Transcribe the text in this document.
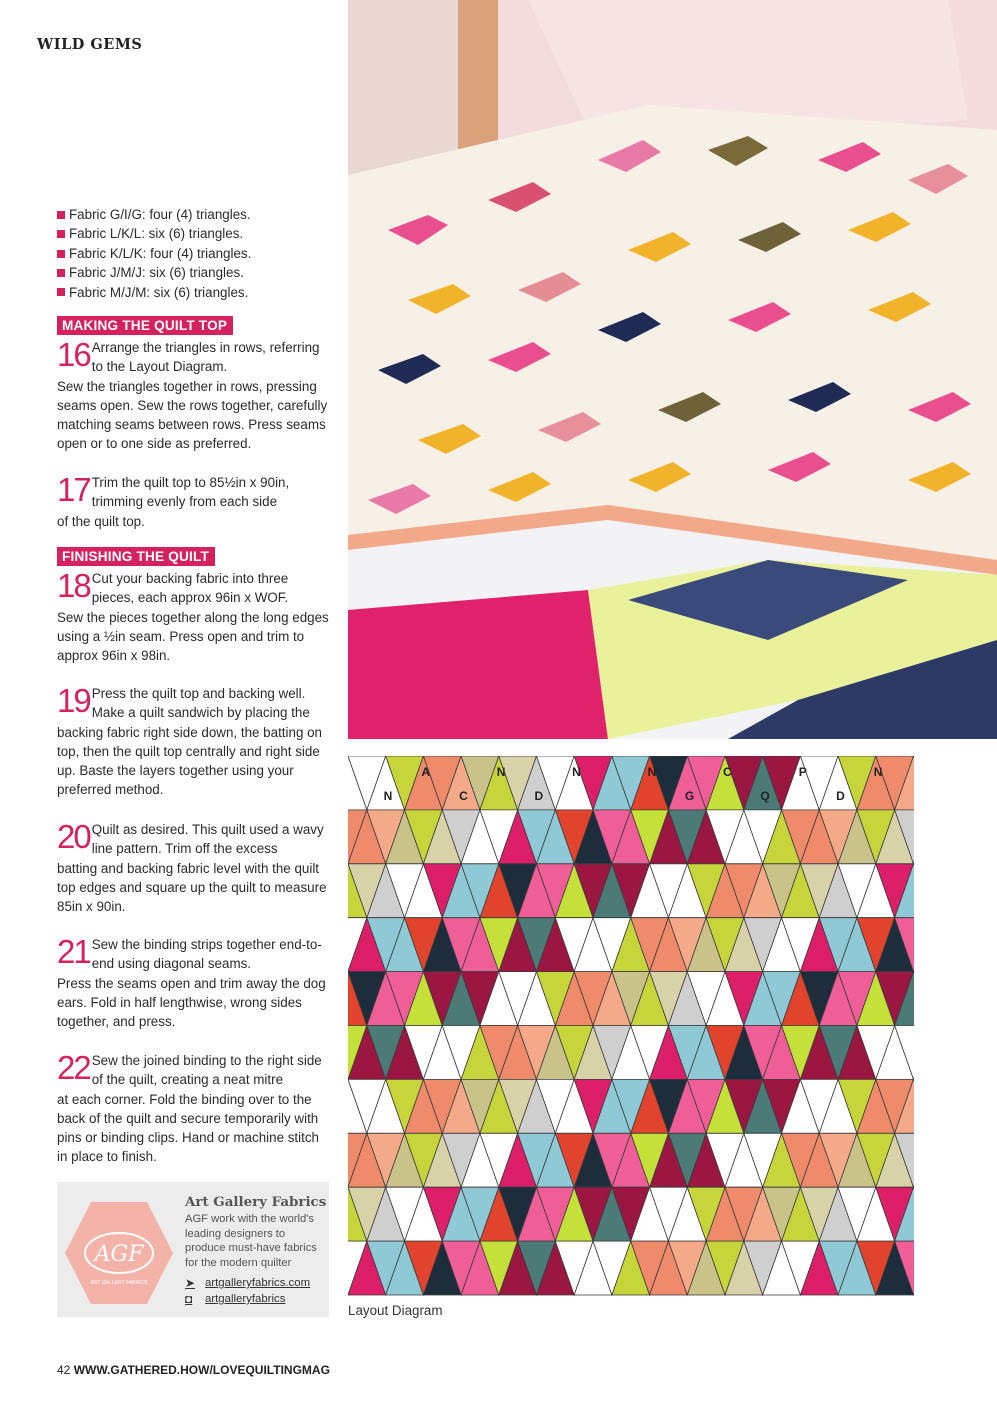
WILD GEMS
Fabric G/I/G: four (4) triangles.
Fabric L/K/L: six (6) triangles.
Fabric K/L/K: four (4) triangles.
Fabric J/M/J: six (6) triangles.
Fabric M/J/M: six (6) triangles.
MAKING THE QUILT TOP
16 Arrange the triangles in rows, referring to the Layout Diagram.
Sew the triangles together in rows, pressing seams open. Sew the rows together, carefully matching seams between rows. Press seams open or to one side as preferred.
17 Trim the quilt top to 85½in x 90in, trimming evenly from each side
of the quilt top.
FINISHING THE QUILT
18 Cut your backing fabric into three pieces, each approx 96in x WOF.
Sew the pieces together along the long edges using a ½in seam. Press open and trim to approx 96in x 98in.
19 Press the quilt top and backing well. Make a quilt sandwich by placing the
backing fabric right side down, the batting on top, then the quilt top centrally and right side up. Baste the layers together using your preferred method.
20 Quilt as desired. This quilt used a wavy line pattern. Trim off the excess
batting and backing fabric level with the quilt top edges and square up the quilt to measure 85in x 90in.
21 Sew the binding strips together end-to-end using diagonal seams.
Press the seams open and trim away the dog ears. Fold in half lengthwise, wrong sides together, and press.
22 Sew the joined binding to the right side of the quilt, creating a neat mitre
at each corner. Fold the binding over to the back of the quilt and secure temporarily with pins or binding clips. Hand or machine stitch in place to finish.
N
A
C
N
D
N	N
G
C
Q
P
D
N
Layout Diagram
AGF
ART GALLERY FABRICS
Art Gallery Fabrics
AGF work with the world's leading designers to produce must-have fabrics for the modern quilter
➤ artgalleryfabrics.com
◘	artgalleryfabrics
42 WWW.GATHERED.HOW/LOVEQUILTINGMAG
